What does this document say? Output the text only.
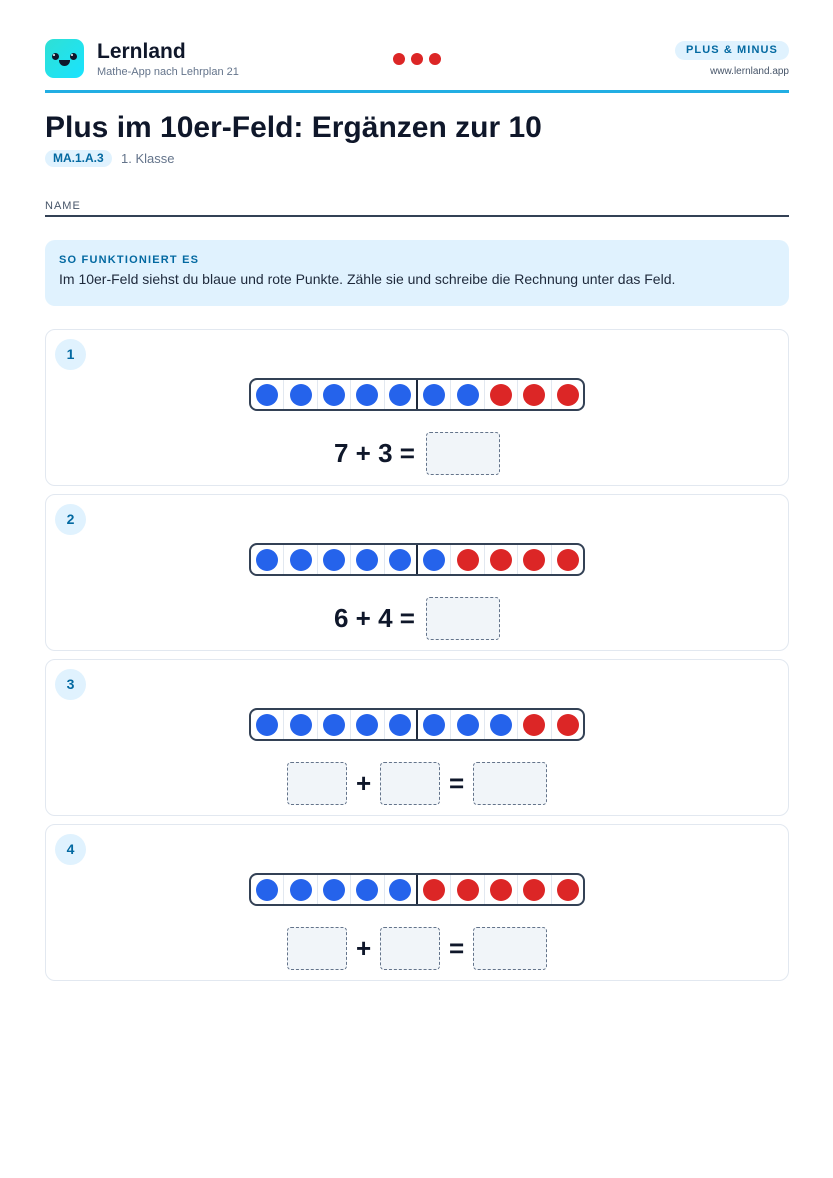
Lernland
Mathe-App nach Lehrplan 21
PLUS & MINUS
www.lernland.app
Plus im 10er-Feld: Ergänzen zur 10
MA.1.A.3	1. Klasse
NAME
SO FUNKTIONIERT ES
Im 10er-Feld siehst du blaue und rote Punkte. Zähle sie und schreibe die Rechnung unter das Feld.
1
7 + 3 =
2
6 + 4 =
3
+	=
4
+	=
